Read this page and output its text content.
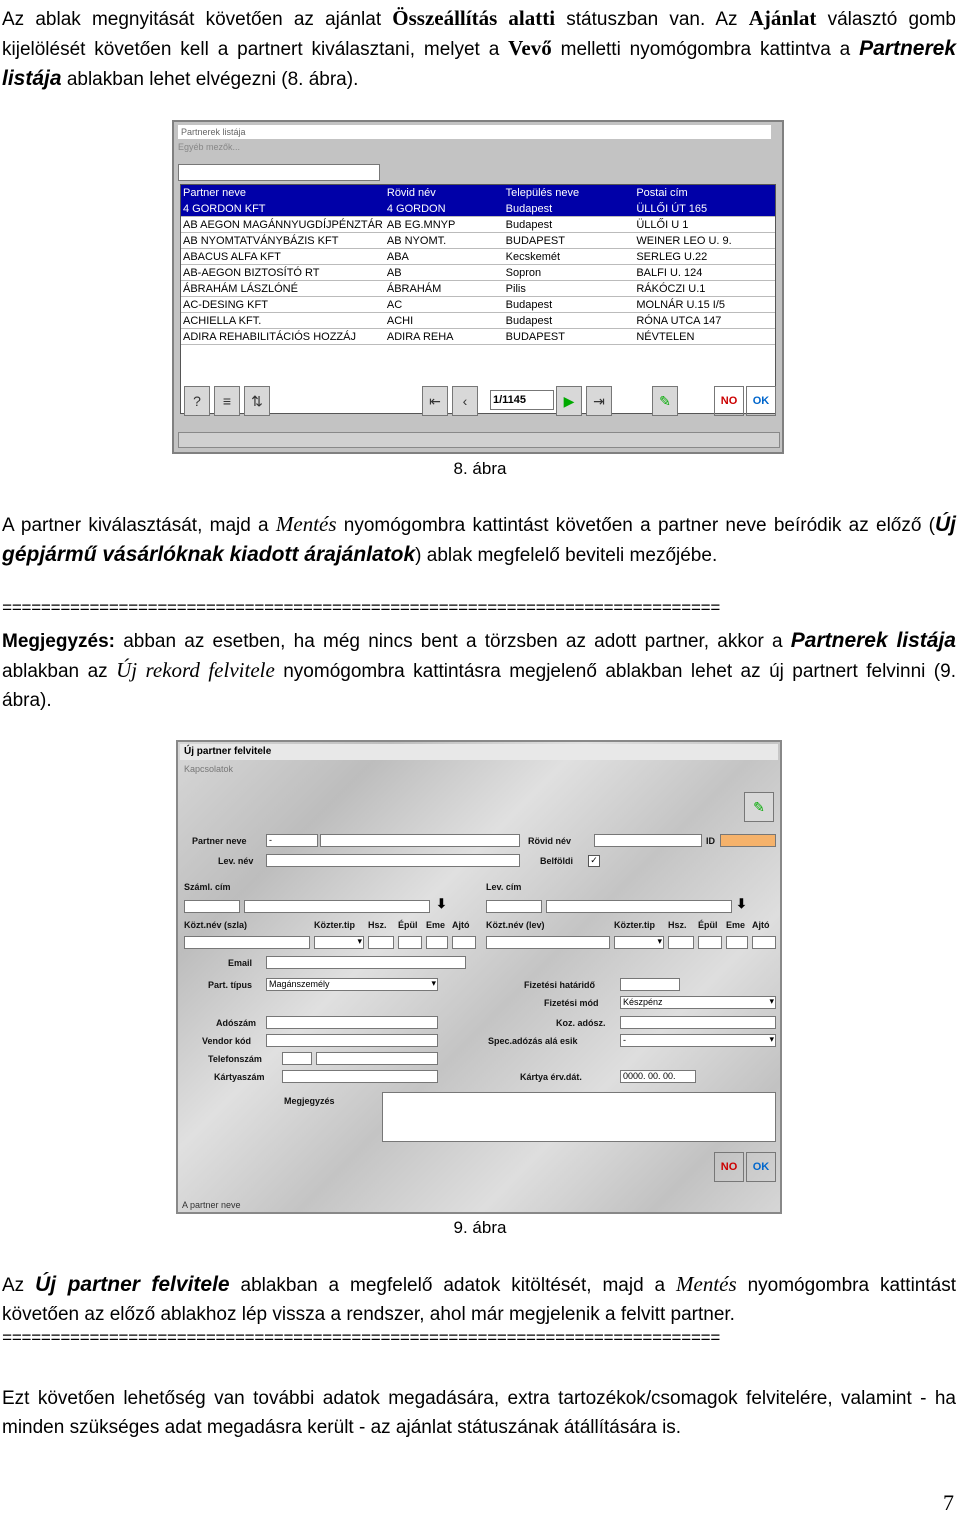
Az ablak megnyitását követően az ajánlat Összeállítás alatti státuszban van. Az Ajánlat választó gomb kijelölését követően kell a partnert kiválasztani, melyet a Vevő melletti nyomógombra kattintva a Partnerek listája ablakban lehet elvégezni (8. ábra).

Partnerek listája
Egyéb mezők...
Partner neve	Rövid név	Település neve	Postai cím
4 GORDON KFT	4 GORDON	Budapest	ÜLLŐI ÚT 165
AB AEGON MAGÁNNYUGDÍJPÉNZTÁR	AB EG.MNYP	Budapest	ÜLLŐI U 1
AB NYOMTATVÁNYBÁZIS KFT	AB NYOMT.	BUDAPEST	WEINER LEO U. 9.
ABACUS ALFA KFT	ABA	Kecskemét	SERLEG U.22
AB-AEGON BIZTOSÍTÓ RT	AB	Sopron	BALFI U. 124
ÁBRAHÁM LÁSZLÓNÉ	ÁBRAHÁM	Pilis	RÁKÓCZI U.1
AC-DESING KFT	AC	Budapest	MOLNÁR U.15 I/5
ACHIELLA KFT.	ACHI	Budapest	RÓNA UTCA 147
ADIRA REHABILITÁCIÓS HOZZÁJ	ADIRA REHA	BUDAPEST	NÉVTELEN
?	≡	⇅	⇤	‹	1/1145	▶	⇥	✎	NO	OK
8. ábra

A partner kiválasztását, majd a Mentés nyomógombra kattintást követően a partner neve beíródik az előző (Új gépjármű vásárlóknak kiadott árajánlatok) ablak megfelelő beviteli mezőjébe.

==========================================================================

Megjegyzés: abban az esetben, ha még nincs bent a törzsben az adott partner, akkor a Partnerek listája ablakban az Új rekord felvitele nyomógombra kattintásra megjelenő ablakban lehet az új partnert felvinni (9. ábra).

Új partner felvitele
Kapcsolatok
✎
Partner neve	-	Rövid név	ID
Lev. név	Belföldi ✓
Száml. cím	Lev. cím
⬇	⬇
Közt.név (szla)	Közter.tip Hsz. Épül Eme Ajtó Közt.név (lev)	Közter.tip Hsz. Épül Eme Ajtó
▾
▾
Email
Part. típus	Magánszemély ▾	Fizetési határidő
Fizetési mód	Készpénz ▾
Adószám	Koz. adósz.
Vendor kód	Spec.adózás alá esik	- ▾
Telefonszám
Kártyaszám	Kártya érv.dát.	0000. 00. 00.
Megjegyzés
NO	OK
A partner neve
9. ábra

Az Új partner felvitele ablakban a megfelelő adatok kitöltését, majd a Mentés nyomógombra kattintást követően az előző ablakhoz lép vissza a rendszer, ahol már megjelenik a felvitt partner.

==========================================================================

Ezt követően lehetőség van további adatok megadására, extra tartozékok/csomagok felvitelére, valamint - ha minden szükséges adat megadásra került - az ajánlat státuszának átállítására is.

7
